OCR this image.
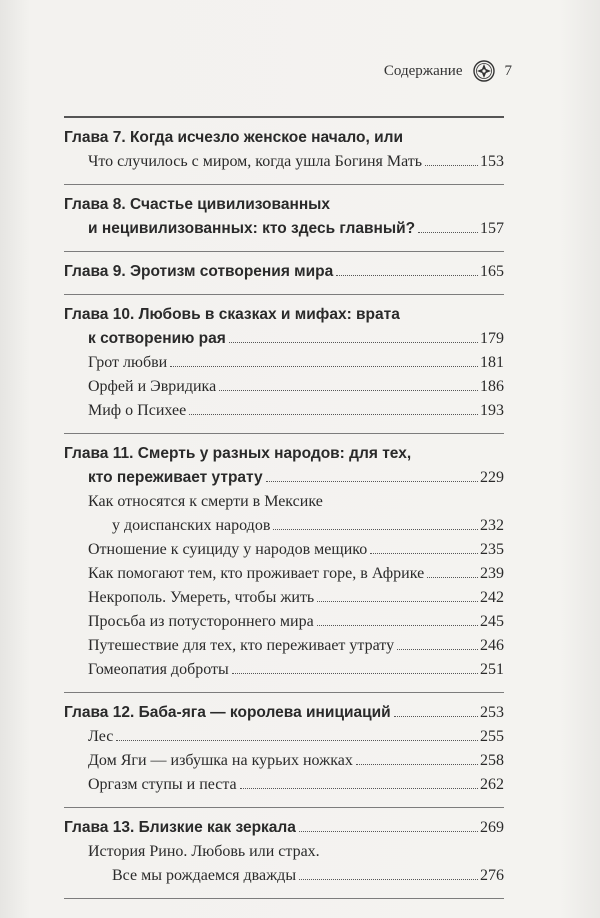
Содержание	7
Глава 7. Когда исчезло женское начало, или
Что случилось с миром, когда ушла Богиня Мать	153
Глава 8. Счастье цивилизованных
и нецивилизованных: кто здесь главный?	157
Глава 9. Эротизм сотворения мира	165
Глава 10. Любовь в сказках и мифах: врата
к сотворению рая	179
Грот любви	181
Орфей и Эвридика	186
Миф о Психее	193
Глава 11. Смерть у разных народов: для тех,
кто переживает утрату	229
Как относятся к смерти в Мексике
у доиспанских народов	232
Отношение к суициду у народов мещико	235
Как помогают тем, кто проживает горе, в Африке	239
Некрополь. Умереть, чтобы жить	242
Просьба из потустороннего мира	245
Путешествие для тех, кто переживает утрату	246
Гомеопатия доброты	251
Глава 12. Баба-яга — королева инициаций	253
Лес	255
Дом Яги — избушка на курьих ножках	258
Оргазм ступы и песта	262
Глава 13. Близкие как зеркала	269
История Рино. Любовь или страх.
Все мы рождаемся дважды	276
